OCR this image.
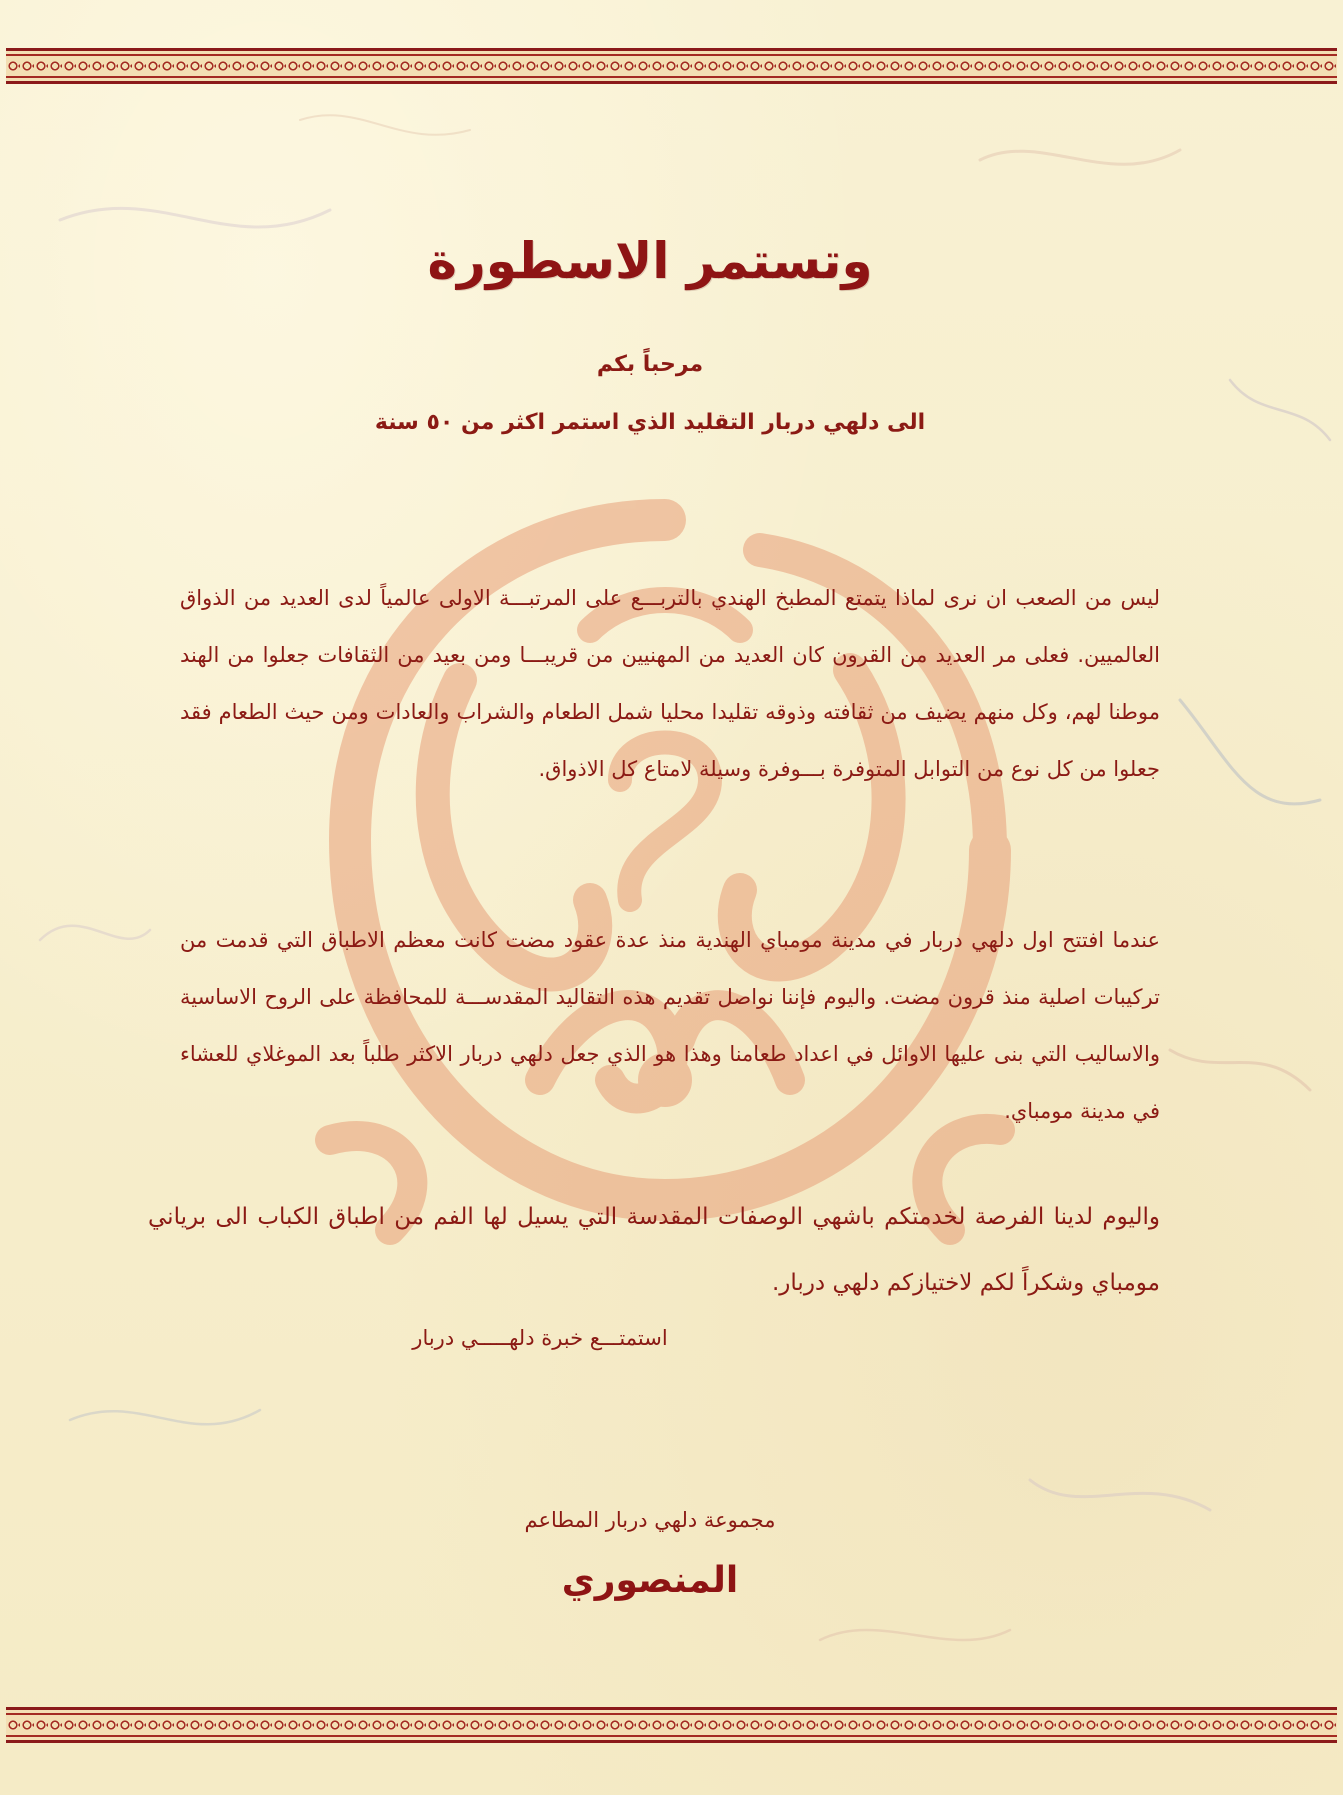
وتستمر الاسطورة

مرحباً بكم

الى دلهي دربار التقليد الذي استمر اكثر من ٥٠ سنة

ليس من الصعب ان نرى لماذا يتمتع المطبخ الهندي بالتربـــع على المرتبـــة الاولى عالمياً لدى العديد من الذواق العالميين. فعلى مر العديد من القرون كان العديد من المهنيين من قريبـــا ومن بعيد من الثقافات جعلوا من الهند موطنا لهم، وكل منهم يضيف من ثقافته وذوقه تقليدا محليا شمل الطعام والشراب والعادات ومن حيث الطعام فقد جعلوا من كل نوع من التوابل المتوفرة بـــوفرة وسيلة لامتاع كل الاذواق.

عندما افتتح اول دلهي دربار في مدينة مومباي الهندية منذ عدة عقود مضت كانت معظم الاطباق التي قدمت من تركيبات اصلية منذ قرون مضت. واليوم فإننا نواصل تقديم هذه التقاليد المقدســـة للمحافظة على الروح الاساسية والاساليب التي بنى عليها الاوائل في اعداد طعامنا وهذا هو الذي جعل دلهي دربار الاكثر طلباً بعد الموغلاي للعشاء في مدينة مومباي.

واليوم لدينا الفرصة لخدمتكم باشهي الوصفات المقدسة التي يسيل لها الفم من اطباق الكباب الى برياني مومباي وشكراً لكم لاختيازكم دلهي دربار.

استمتـــع خبرة دلهـــــي دربار

مجموعة دلهي دربار المطاعم

المنصوري
